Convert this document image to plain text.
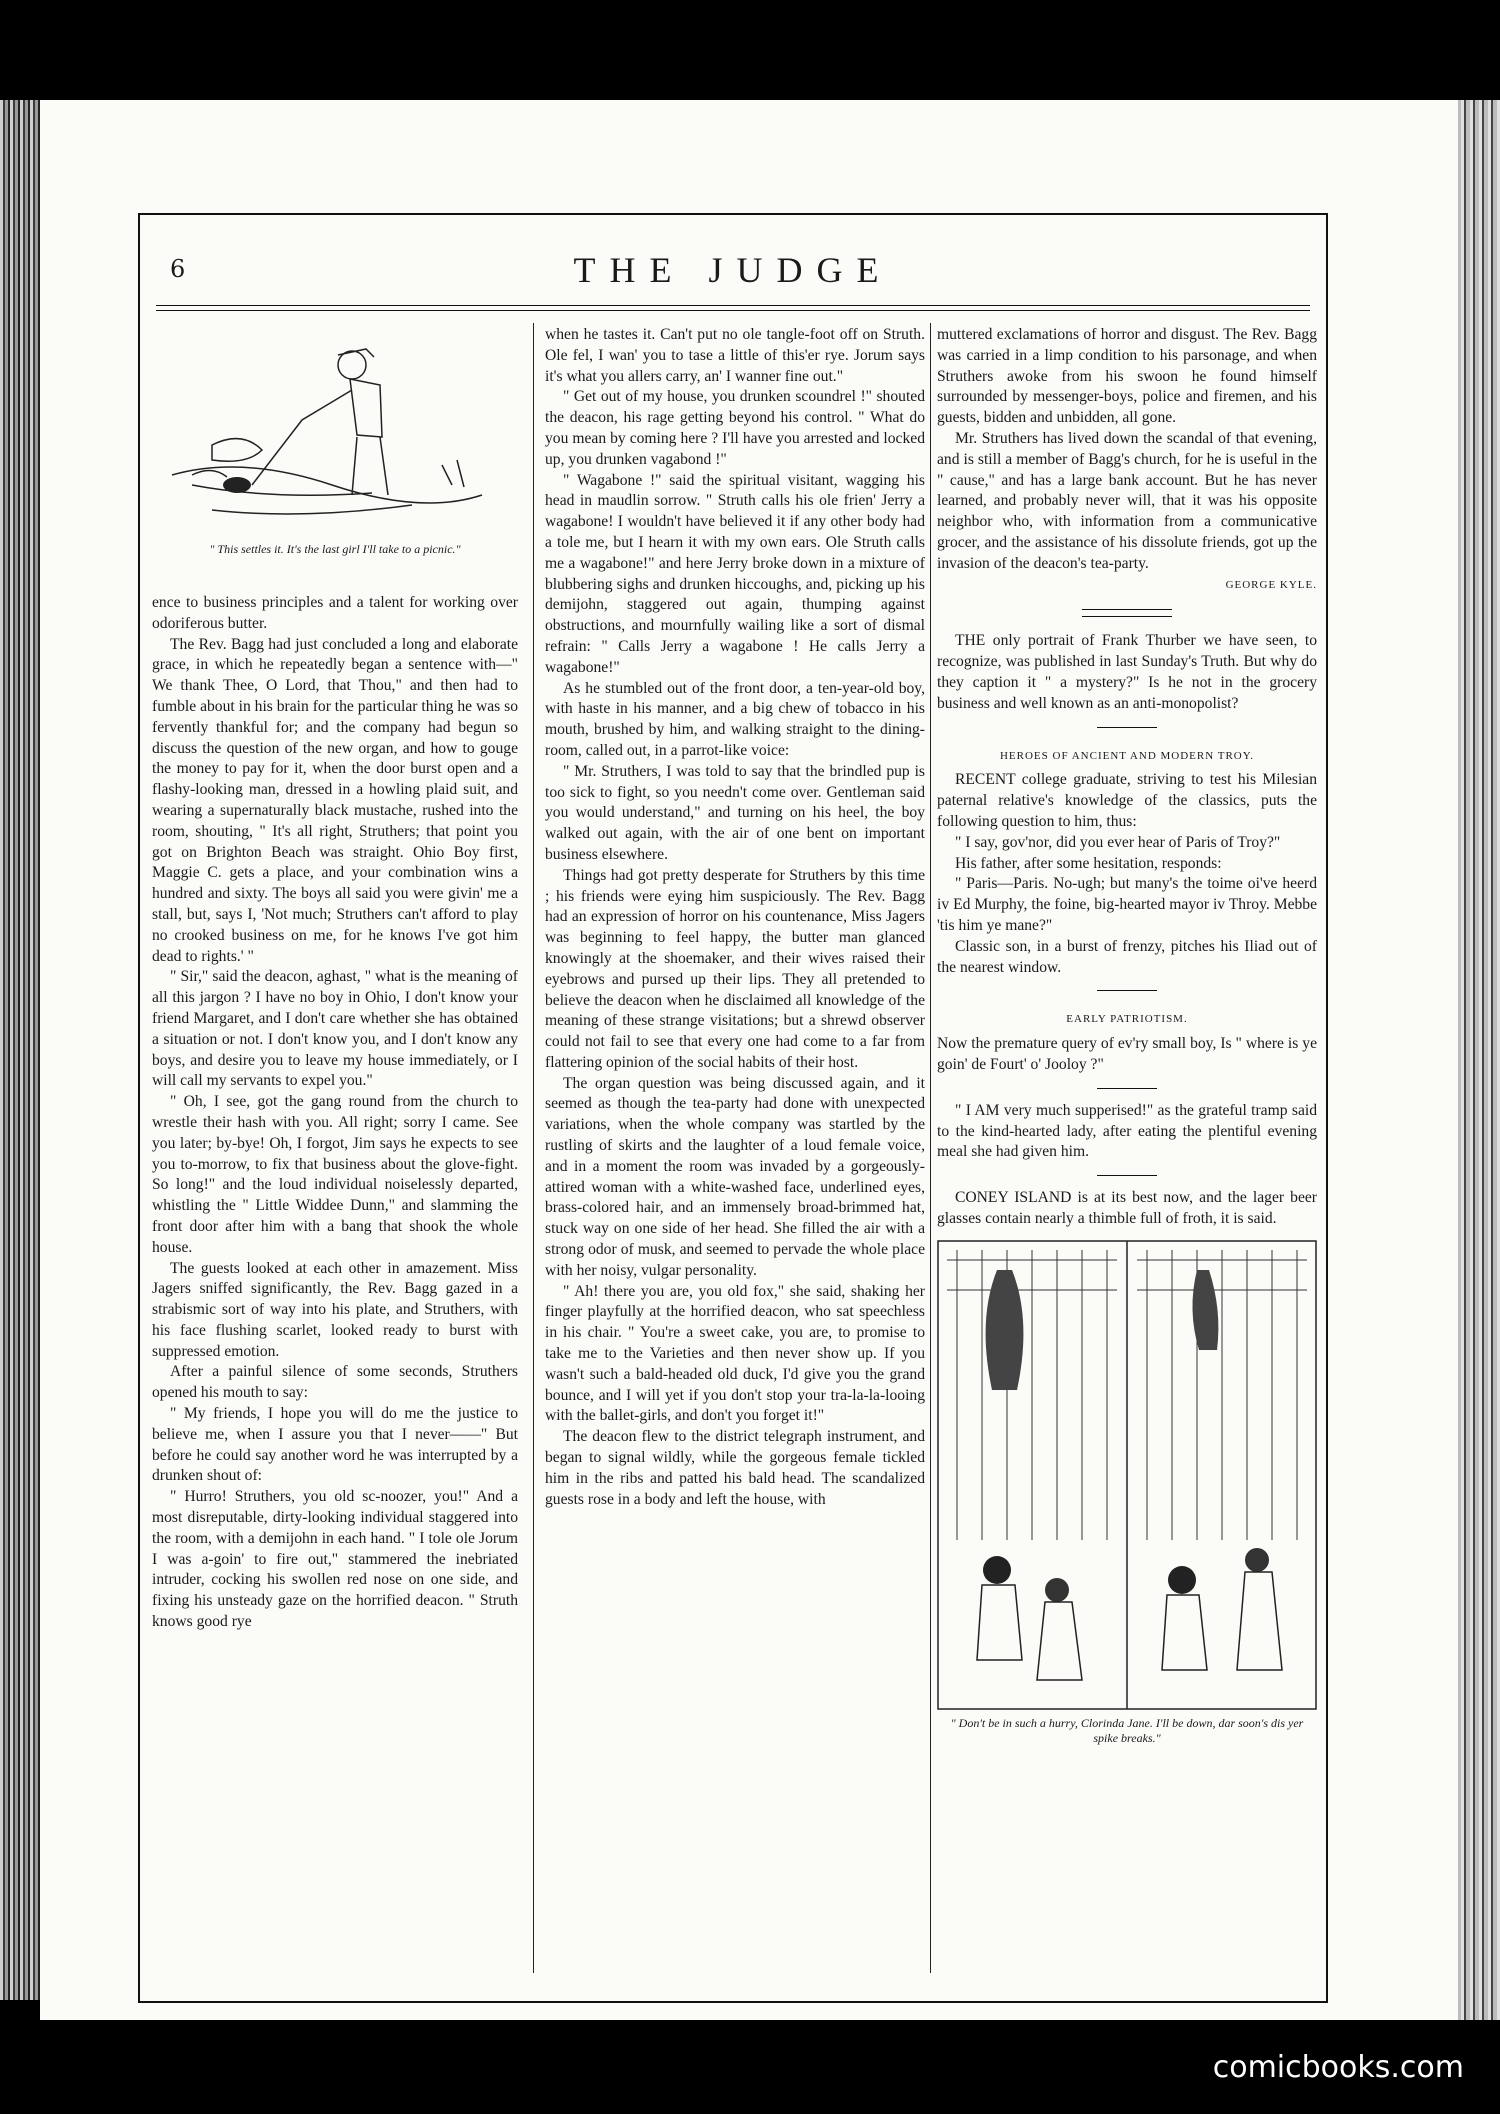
6	THE JUDGE
" This settles it. It's the last girl I'll take to a picnic."

ence to business principles and a talent for working over odoriferous butter.

The Rev. Bagg had just concluded a long and elaborate grace, in which he repeatedly began a sentence with—" We thank Thee, O Lord, that Thou," and then had to fumble about in his brain for the particular thing he was so fervently thankful for; and the company had begun so discuss the question of the new organ, and how to gouge the money to pay for it, when the door burst open and a flashy-looking man, dressed in a howling plaid suit, and wearing a supernaturally black mustache, rushed into the room, shouting, " It's all right, Struthers; that point you got on Brighton Beach was straight. Ohio Boy first, Maggie C. gets a place, and your combination wins a hundred and sixty. The boys all said you were givin' me a stall, but, says I, 'Not much; Struthers can't afford to play no crooked business on me, for he knows I've got him dead to rights.' "

" Sir," said the deacon, aghast, " what is the meaning of all this jargon ? I have no boy in Ohio, I don't know your friend Margaret, and I don't care whether she has obtained a situation or not. I don't know you, and I don't know any boys, and desire you to leave my house immediately, or I will call my servants to expel you."

" Oh, I see, got the gang round from the church to wrestle their hash with you. All right; sorry I came. See you later; by-bye! Oh, I forgot, Jim says he expects to see you to-morrow, to fix that business about the glove-fight. So long!" and the loud individual noiselessly departed, whistling the " Little Widdee Dunn," and slamming the front door after him with a bang that shook the whole house.

The guests looked at each other in amazement. Miss Jagers sniffed significantly, the Rev. Bagg gazed in a strabismic sort of way into his plate, and Struthers, with his face flushing scarlet, looked ready to burst with suppressed emotion.

After a painful silence of some seconds, Struthers opened his mouth to say:

" My friends, I hope you will do me the justice to believe me, when I assure you that I never——" But before he could say another word he was interrupted by a drunken shout of:

" Hurro! Struthers, you old sc-noozer, you!" And a most disreputable, dirty-looking individual staggered into the room, with a demijohn in each hand. " I tole ole Jorum I was a-goin' to fire out," stammered the inebriated intruder, cocking his swollen red nose on one side, and fixing his unsteady gaze on the horrified deacon. " Struth knows good rye

when he tastes it. Can't put no ole tangle-foot off on Struth. Ole fel, I wan' you to tase a little of this'er rye. Jorum says it's what you allers carry, an' I wanner fine out."

" Get out of my house, you drunken scoundrel !" shouted the deacon, his rage getting beyond his control. " What do you mean by coming here ? I'll have you arrested and locked up, you drunken vagabond !"

" Wagabone !" said the spiritual visitant, wagging his head in maudlin sorrow. " Struth calls his ole frien' Jerry a wagabone! I wouldn't have believed it if any other body had a tole me, but I hearn it with my own ears. Ole Struth calls me a wagabone!" and here Jerry broke down in a mixture of blubbering sighs and drunken hiccoughs, and, picking up his demijohn, staggered out again, thumping against obstructions, and mournfully wailing like a sort of dismal refrain: " Calls Jerry a wagabone ! He calls Jerry a wagabone!"

As he stumbled out of the front door, a ten-year-old boy, with haste in his manner, and a big chew of tobacco in his mouth, brushed by him, and walking straight to the dining-room, called out, in a parrot-like voice:

" Mr. Struthers, I was told to say that the brindled pup is too sick to fight, so you needn't come over. Gentleman said you would understand," and turning on his heel, the boy walked out again, with the air of one bent on important business elsewhere.

Things had got pretty desperate for Struthers by this time ; his friends were eying him suspiciously. The Rev. Bagg had an expression of horror on his countenance, Miss Jagers was beginning to feel happy, the butter man glanced knowingly at the shoemaker, and their wives raised their eyebrows and pursed up their lips. They all pretended to believe the deacon when he disclaimed all knowledge of the meaning of these strange visitations; but a shrewd observer could not fail to see that every one had come to a far from flattering opinion of the social habits of their host.

The organ question was being discussed again, and it seemed as though the tea-party had done with unexpected variations, when the whole company was startled by the rustling of skirts and the laughter of a loud female voice, and in a moment the room was invaded by a gorgeously-attired woman with a white-washed face, underlined eyes, brass-colored hair, and an immensely broad-brimmed hat, stuck way on one side of her head. She filled the air with a strong odor of musk, and seemed to pervade the whole place with her noisy, vulgar personality.

" Ah! there you are, you old fox," she said, shaking her finger playfully at the horrified deacon, who sat speechless in his chair. " You're a sweet cake, you are, to promise to take me to the Varieties and then never show up. If you wasn't such a bald-headed old duck, I'd give you the grand bounce, and I will yet if you don't stop your tra-la-la-looing with the ballet-girls, and don't you forget it!"

The deacon flew to the district telegraph instrument, and began to signal wildly, while the gorgeous female tickled him in the ribs and patted his bald head. The scandalized guests rose in a body and left the house, with

muttered exclamations of horror and disgust. The Rev. Bagg was carried in a limp condition to his parsonage, and when Struthers awoke from his swoon he found himself surrounded by messenger-boys, police and firemen, and his guests, bidden and unbidden, all gone.

Mr. Struthers has lived down the scandal of that evening, and is still a member of Bagg's church, for he is useful in the " cause," and has a large bank account. But he has never learned, and probably never will, that it was his opposite neighbor who, with information from a communicative grocer, and the assistance of his dissolute friends, got up the invasion of the deacon's tea-party.

GEORGE KYLE.

THE only portrait of Frank Thurber we have seen, to recognize, was published in last Sunday's Truth. But why do they caption it " a mystery?" Is he not in the grocery business and well known as an anti-monopolist?

HEROES OF ANCIENT AND MODERN TROY.

RECENT college graduate, striving to test his Milesian paternal relative's knowledge of the classics, puts the following question to him, thus:

" I say, gov'nor, did you ever hear of Paris of Troy?"

His father, after some hesitation, responds:

" Paris—Paris. No-ugh; but many's the toime oi've heerd iv Ed Murphy, the foine, big-hearted mayor iv Throy. Mebbe 'tis him ye mane?"

Classic son, in a burst of frenzy, pitches his Iliad out of the nearest window.

EARLY PATRIOTISM.

Now the premature query of ev'ry small boy, Is " where is ye goin' de Fourt' o' Jooloy ?"

" I AM very much supperised!" as the grateful tramp said to the kind-hearted lady, after eating the plentiful evening meal she had given him.

CONEY ISLAND is at its best now, and the lager beer glasses contain nearly a thimble full of froth, it is said.

" Don't be in such a hurry, Clorinda Jane. I'll be down, dar soon's dis yer spike breaks."
comicbooks.com
